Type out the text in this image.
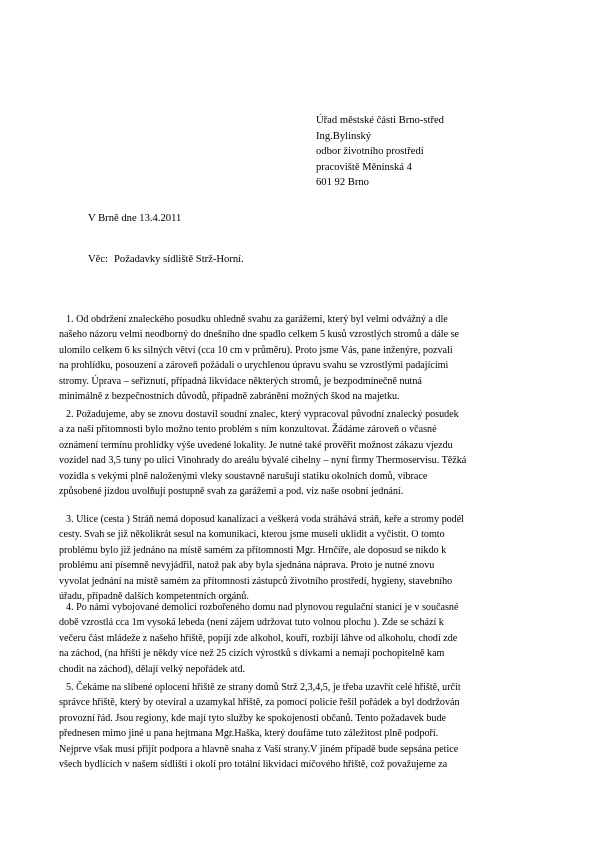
Úřad městské části Brno-střed
Ing.Bylinský
odbor životního prostředí
pracoviště Měnínská 4
601 92 Brno
V Brně dne 13.4.2011
Věc: Požadavky sídliště Strž-Horní.
1. Od obdržení znaleckého posudku ohledně svahu za garážemi, který byl velmi odvážný a dle
našeho názoru velmi neodborný do dnešního dne spadlo celkem 5 kusů vzrostlých stromů a dále se
ulomilo celkem 6 ks silných větví (cca 10 cm v průměru). Proto jsme Vás, pane inženýre, pozvali
na prohlídku, posouzení a zároveň požádali o urychlenou úpravu svahu se vzrostlými padajícími
stromy. Úprava – seřiznutí, případná likvidace některých stromů, je bezpodmínečně nutná
minimálně z bezpečnostních důvodů, případně zabránění možných škod na majetku.
2. Požadujeme, aby se znovu dostavil soudní znalec, který vypracoval původní znalecký posudek
a za naší přítomnosti bylo možno tento problém s ním konzultovat. Žádáme zároveň o včasné
oznámení termínu prohlídky výše uvedené lokality. Je nutné také prověřit možnost zákazu vjezdu
vozidel nad 3,5 tuny po ulici Vinohrady do areálu bývalé cihelny – nyní firmy Thermoservisu. Těžká
vozidla s vekými plně naloženými vleky soustavně narušují statiku okolních domů, vibrace
způsobené jízdou uvolňují postupně svah za garážemi a pod. viz naše osobní jednání.
3. Ulice (cesta ) Stráň nemá doposud kanalizaci a veškerá voda stráhává stráň, keře a stromy podél
cesty. Svah se již několikrát sesul na komunikaci, kterou jsme museli uklidit a vyčistit. O tomto
problému bylo již jednáno na místě samém za přítomnosti Mgr. Hrnčíře, ale doposud se nikdo k
problému ani písemně nevyjádřil, natož pak aby byla sjednána náprava. Proto je nutné znovu
vyvolat jednání na místě samém za přítomnosti zástupců životního prostředí, hygieny, stavebního
úřadu, případně dalších kompetentních orgánů.
4. Po námi vybojované demolici rozbořeného domu nad plynovou regulační stanicí je v současné
době vzrostlá cca 1m vysoká lebeda (není zájem udržovat tuto volnou plochu ). Zde se schází k
večeru část mládeže z našeho hřiště, popíjí zde alkohol, kouří, rozbíjí láhve od alkoholu, chodí zde
na záchod, (na hřišti je někdy více než 25 cizích výrostků s dívkami a nemají pochopitelně kam
chodit na záchod), dělají velký nepořádek atd.
5. Čekáme na slíbené oplocení hřiště ze strany domů Strž 2,3,4,5, je třeba uzavřít celé hřiště, určit
správce hřiště, který by otevíral a uzamykal hřiště, za pomocí policie řešil pořádek a byl dodržován
provozní řád. Jsou regiony, kde mají tyto služby ke spokojenosti občanů. Tento požadavek bude
přednesen mimo jiné u pana hejtmana Mgr.Haška, který doufáme tuto záležitost plně podpoří.
Nejprve však musí přijít podpora a hlavně snaha z Vaší strany.V jiném případě bude sepsána petice
všech bydlících v našem sídlišti i okolí pro totální likvidaci míčového hřiště, což považujeme za
